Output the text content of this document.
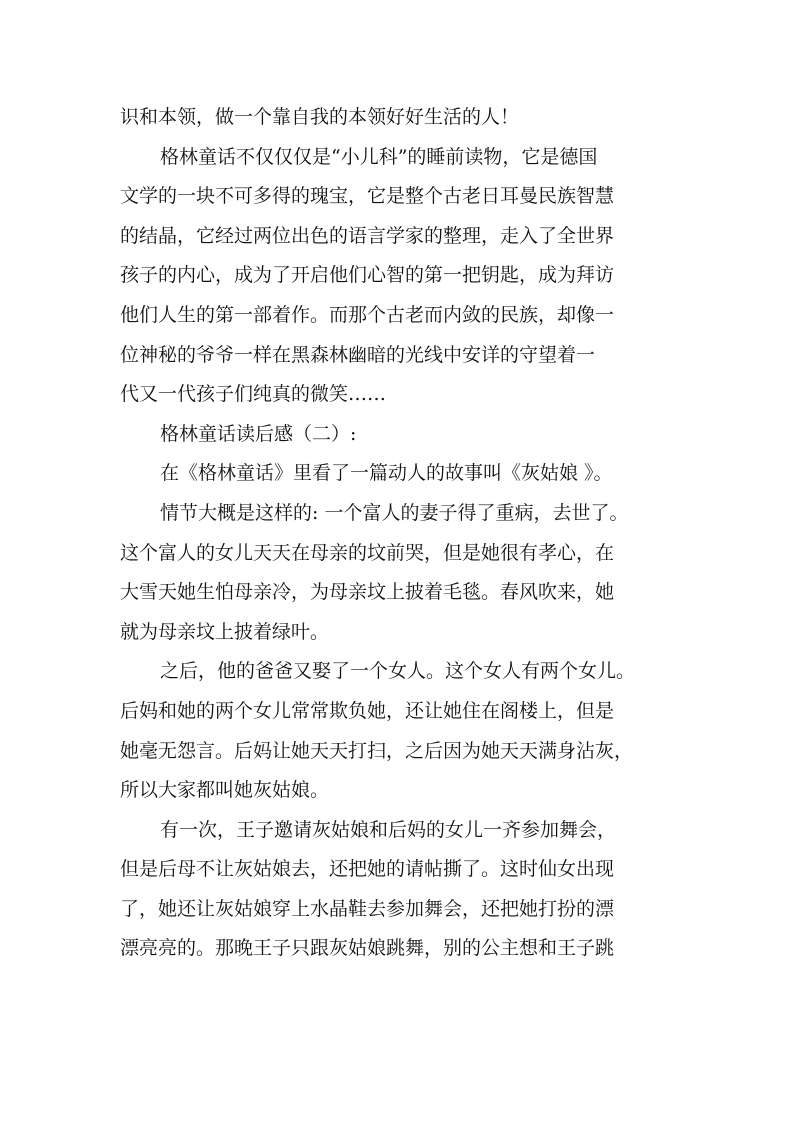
识和本领，做一个靠自我的本领好好生活的人！
格林童话不仅仅仅是“小儿科”的睡前读物，它是德国
文学的一块不可多得的瑰宝，它是整个古老日耳曼民族智慧
的结晶，它经过两位出色的语言学家的整理，走入了全世界
孩子的内心，成为了开启他们心智的第一把钥匙，成为拜访
他们人生的第一部着作。而那个古老而内敛的民族，却像一
位神秘的爷爷一样在黑森林幽暗的光线中安详的守望着一
代又一代孩子们纯真的微笑……
格林童话读后感（二）:
在《格林童话》里看了一篇动人的故事叫《灰姑娘 》。
情节大概是这样的: 一个富人的妻子得了重病，去世了。
这个富人的女儿天天在母亲的坟前哭，但是她很有孝心，在
大雪天她生怕母亲冷，为母亲坟上披着毛毯。春风吹来，她
就为母亲坟上披着绿叶。
之后，他的爸爸又娶了一个女人。这个女人有两个女儿。
后妈和她的两个女儿常常欺负她，还让她住在阁楼上，但是
她毫无怨言。后妈让她天天打扫，之后因为她天天满身沾灰，
所以大家都叫她灰姑娘。
有一次，王子邀请灰姑娘和后妈的女儿一齐参加舞会，
但是后母不让灰姑娘去，还把她的请帖撕了。这时仙女出现
了，她还让灰姑娘穿上水晶鞋去参加舞会，还把她打扮的漂
漂亮亮的。那晚王子只跟灰姑娘跳舞，别的公主想和王子跳
